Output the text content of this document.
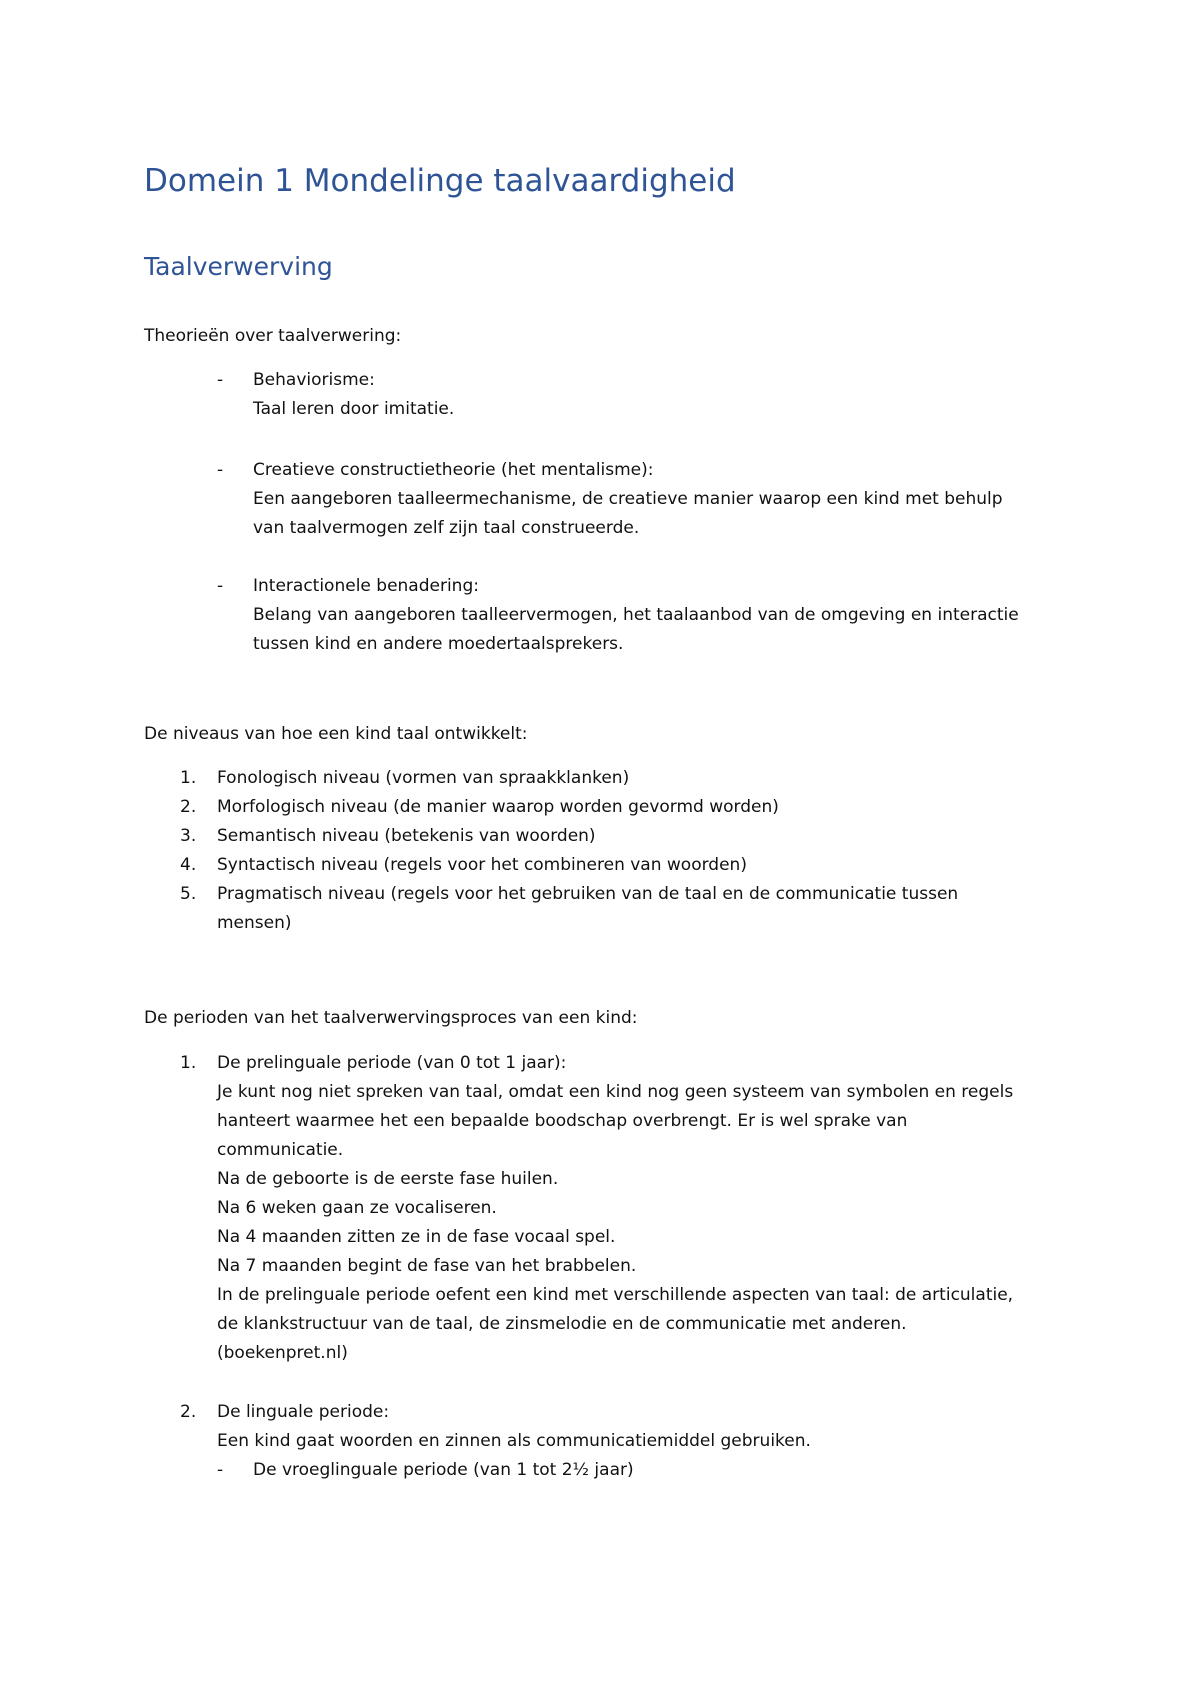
Domein 1 Mondelinge taalvaardigheid
Taalverwerving
Theorieën over taalverwering:
- Behaviorisme:
Taal leren door imitatie.
- Creatieve constructietheorie (het mentalisme):
Een aangeboren taalleermechanisme, de creatieve manier waarop een kind met behulp
van taalvermogen zelf zijn taal construeerde.
- Interactionele benadering:
Belang van aangeboren taalleervermogen, het taalaanbod van de omgeving en interactie
tussen kind en andere moedertaalsprekers.
De niveaus van hoe een kind taal ontwikkelt:
1. Fonologisch niveau (vormen van spraakklanken)
2. Morfologisch niveau (de manier waarop worden gevormd worden)
3. Semantisch niveau (betekenis van woorden)
4. Syntactisch niveau (regels voor het combineren van woorden)
5. Pragmatisch niveau (regels voor het gebruiken van de taal en de communicatie tussen
mensen)
De perioden van het taalverwervingsproces van een kind:
1. De prelinguale periode (van 0 tot 1 jaar):
Je kunt nog niet spreken van taal, omdat een kind nog geen systeem van symbolen en regels
hanteert waarmee het een bepaalde boodschap overbrengt. Er is wel sprake van
communicatie.
Na de geboorte is de eerste fase huilen.
Na 6 weken gaan ze vocaliseren.
Na 4 maanden zitten ze in de fase vocaal spel.
Na 7 maanden begint de fase van het brabbelen.
In de prelinguale periode oefent een kind met verschillende aspecten van taal: de articulatie,
de klankstructuur van de taal, de zinsmelodie en de communicatie met anderen.
(boekenpret.nl)
2. De linguale periode:
Een kind gaat woorden en zinnen als communicatiemiddel gebruiken.
- De vroeglinguale periode (van 1 tot 2½ jaar)
